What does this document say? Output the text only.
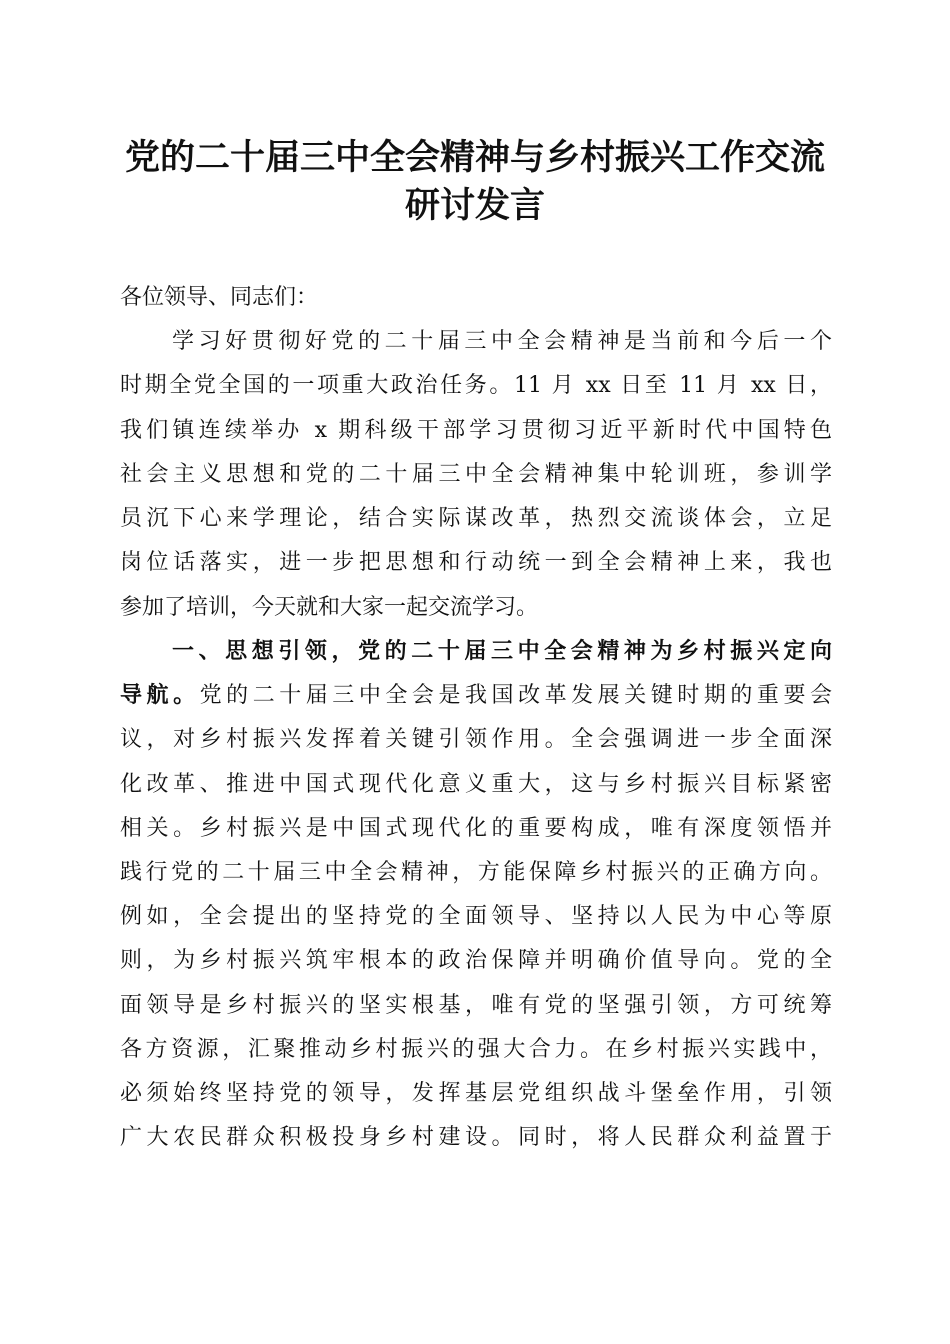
党的二十届三中全会精神与乡村振兴工作交流
研讨发言
各位领导、同志们：
学习好贯彻好党的二十届三中全会精神是当前和今后一个
时期全党全国的一项重大政治任务。11 月 xx 日至 11 月 xx 日，
我们镇连续举办 x 期科级干部学习贯彻习近平新时代中国特色
社会主义思想和党的二十届三中全会精神集中轮训班，参训学
员沉下心来学理论，结合实际谋改革，热烈交流谈体会，立足
岗位话落实，进一步把思想和行动统一到全会精神上来，我也
参加了培训，今天就和大家一起交流学习。
一、思想引领，党的二十届三中全会精神为乡村振兴定向
导航。党的二十届三中全会是我国改革发展关键时期的重要会
议，对乡村振兴发挥着关键引领作用。全会强调进一步全面深
化改革、推进中国式现代化意义重大，这与乡村振兴目标紧密
相关。乡村振兴是中国式现代化的重要构成，唯有深度领悟并
践行党的二十届三中全会精神，方能保障乡村振兴的正确方向。
例如，全会提出的坚持党的全面领导、坚持以人民为中心等原
则，为乡村振兴筑牢根本的政治保障并明确价值导向。党的全
面领导是乡村振兴的坚实根基，唯有党的坚强引领，方可统筹
各方资源，汇聚推动乡村振兴的强大合力。在乡村振兴实践中，
必须始终坚持党的领导，发挥基层党组织战斗堡垒作用，引领
广大农民群众积极投身乡村建设。同时，将人民群众利益置于
